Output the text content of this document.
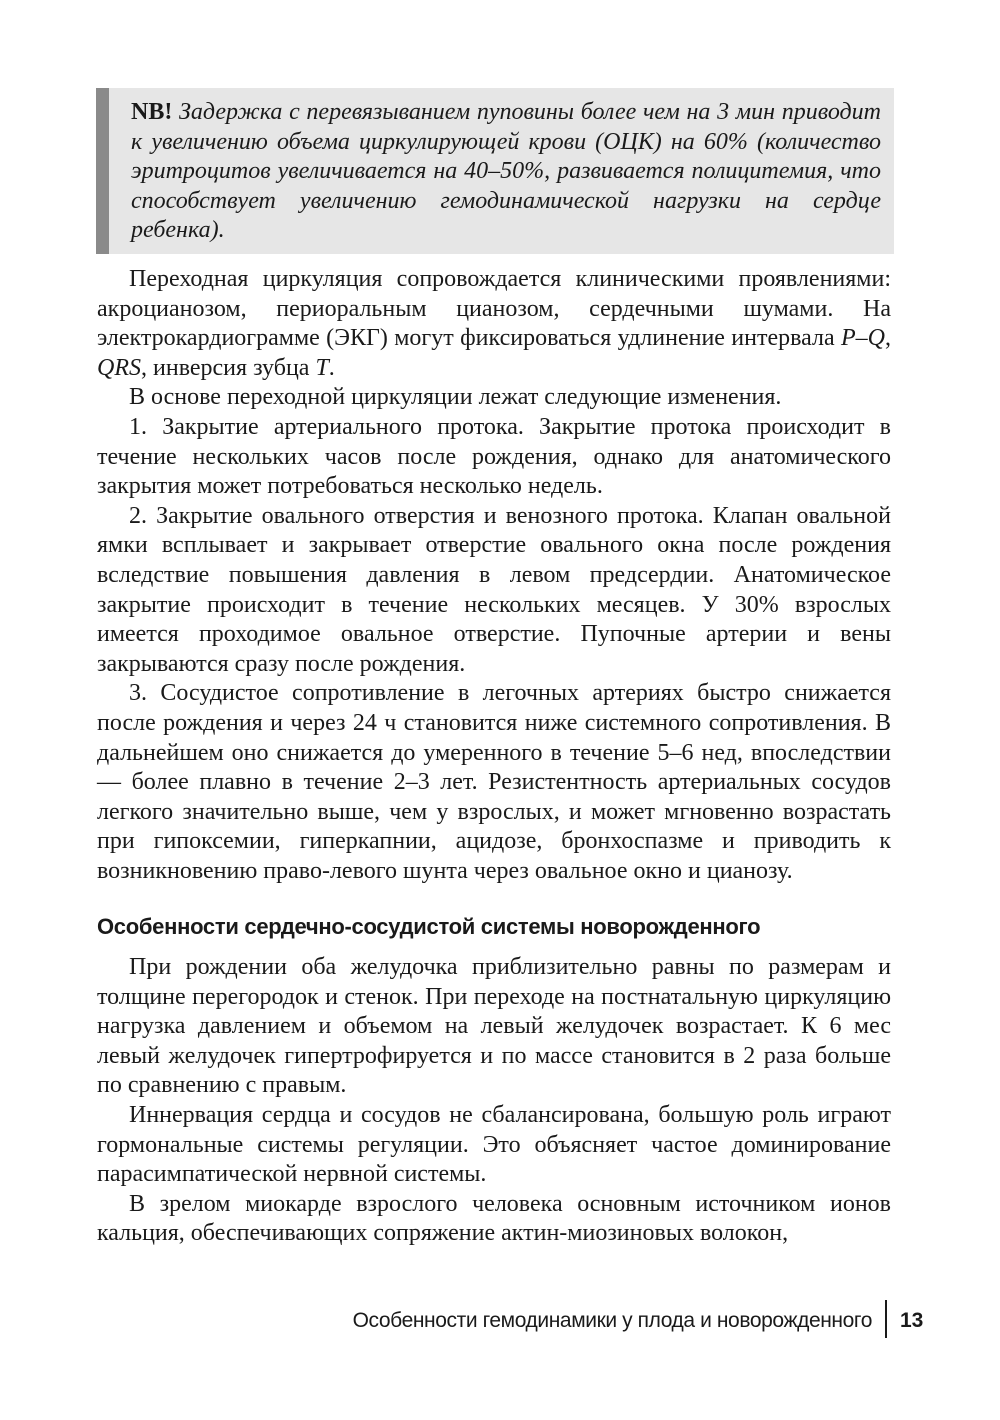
NB! Задержка с перевязыванием пуповины более чем на 3 мин приводит к увеличению объема циркулирующей крови (ОЦК) на 60% (количество эритроцитов увеличивается на 40–50%, развивается полицитемия, что способствует увеличению гемодинамической нагрузки на сердце ребенка).

Переходная циркуляция сопровождается клиническими проявлениями: акроцианозом, периоральным цианозом, сердечными шумами. На электрокардиограмме (ЭКГ) могут фиксироваться удлинение интервала P–Q, QRS, инверсия зубца T.

В основе переходной циркуляции лежат следующие изменения.

1. Закрытие артериального протока. Закрытие протока происходит в течение нескольких часов после рождения, однако для анатомического закрытия может потребоваться несколько недель.

2. Закрытие овального отверстия и венозного протока. Клапан овальной ямки всплывает и закрывает отверстие овального окна после рождения вследствие повышения давления в левом предсердии. Анатомическое закрытие происходит в течение нескольких месяцев. У 30% взрослых имеется проходимое овальное отверстие. Пупочные артерии и вены закрываются сразу после рождения.

3. Сосудистое сопротивление в легочных артериях быстро снижается после рождения и через 24 ч становится ниже системного сопротивления. В дальнейшем оно снижается до умеренного в течение 5–6 нед, впоследствии — более плавно в течение 2–3 лет. Резистентность артериальных сосудов легкого значительно выше, чем у взрослых, и может мгновенно возрастать при гипоксемии, гиперкапнии, ацидозе, бронхоспазме и приводить к возникновению право-левого шунта через овальное окно и цианозу.

Особенности сердечно-сосудистой системы новорожденного

При рождении оба желудочка приблизительно равны по размерам и толщине перегородок и стенок. При переходе на постнатальную циркуляцию нагрузка давлением и объемом на левый желудочек возрастает. К 6 мес левый желудочек гипертрофируется и по массе становится в 2 раза больше по сравнению с правым.

Иннервация сердца и сосудов не сбалансирована, большую роль играют гормональные системы регуляции. Это объясняет частое доминирование парасимпатической нервной системы.

В зрелом миокарде взрослого человека основным источником ионов кальция, обеспечивающих сопряжение актин-миозиновых волокон,

Особенности гемодинамики у плода и новорожденного 13
